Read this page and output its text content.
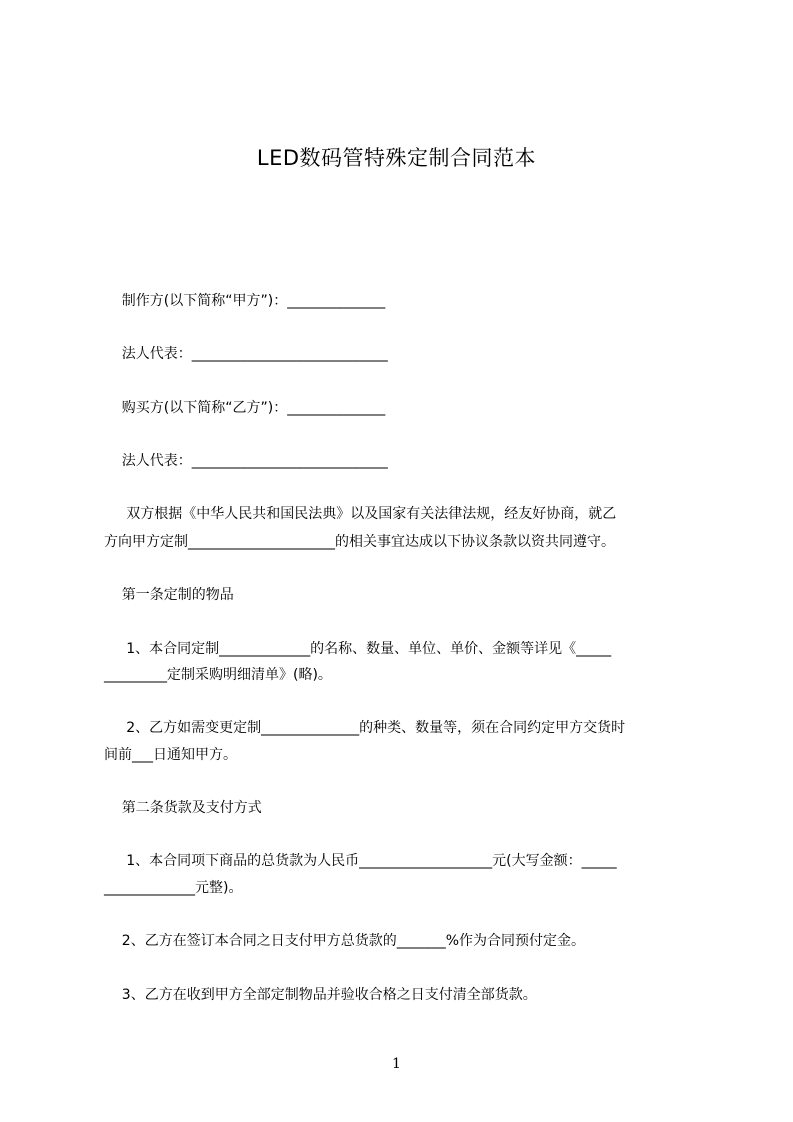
LED数码管特殊定制合同范本
制作方(以下简称“甲方”)：______________
法人代表：____________________________
购买方(以下简称“乙方”)：______________
法人代表：____________________________
双方根据《中华人民共和国民法典》以及国家有关法律法规，经友好协商，就乙
方向甲方定制_____________________的相关事宜达成以下协议条款以资共同遵守。
第一条定制的物品
1、本合同定制_____________的名称、数量、单位、单价、金额等详见《_____
_________定制采购明细清单》(略)。
2、乙方如需变更定制______________的种类、数量等，须在合同约定甲方交货时
间前___日通知甲方。
第二条货款及支付方式
1、本合同项下商品的总货款为人民币___________________元(大写金额：_____
_____________元整)。
2、乙方在签订本合同之日支付甲方总货款的_______%作为合同预付定金。
3、乙方在收到甲方全部定制物品并验收合格之日支付清全部货款。
1
